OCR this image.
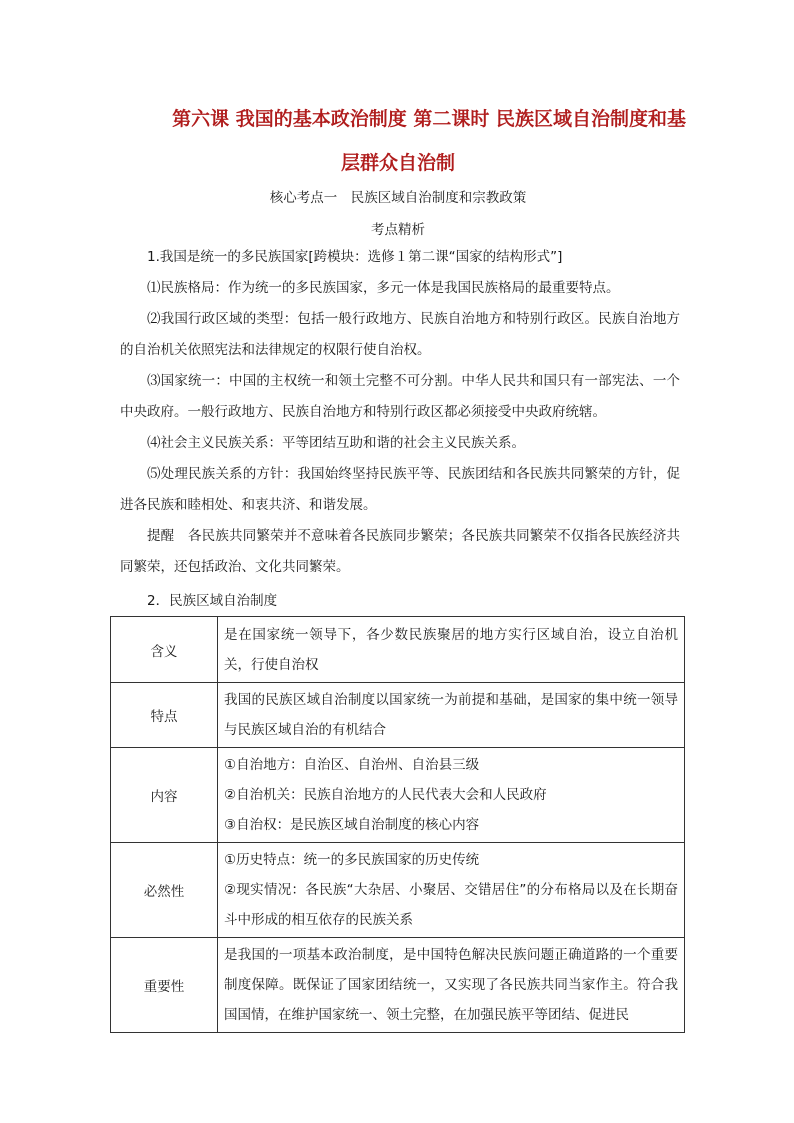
第六课 我国的基本政治制度 第二课时 民族区域自治制度和基
层群众自治制
核心考点一　民族区域自治制度和宗教政策
考点精析
1.我国是统一的多民族国家[跨模块：选修１第二课“国家的结构形式”]
⑴民族格局：作为统一的多民族国家，多元一体是我国民族格局的最重要特点。
⑵我国行政区域的类型：包括一般行政地方、民族自治地方和特别行政区。民族自治地方的自治机关依照宪法和法律规定的权限行使自治权。
⑶国家统一：中国的主权统一和领土完整不可分割。中华人民共和国只有一部宪法、一个中央政府。一般行政地方、民族自治地方和特别行政区都必须接受中央政府统辖。
⑷社会主义民族关系：平等团结互助和谐的社会主义民族关系。
⑸处理民族关系的方针：我国始终坚持民族平等、民族团结和各民族共同繁荣的方针，促进各民族和睦相处、和衷共济、和谐发展。
提醒　各民族共同繁荣并不意味着各民族同步繁荣；各民族共同繁荣不仅指各民族经济共同繁荣，还包括政治、文化共同繁荣。
2．民族区域自治制度
含义	是在国家统一领导下，各少数民族聚居的地方实行区域自治，设立自治机关，行使自治权

特点	我国的民族区域自治制度以国家统一为前提和基础，是国家的集中统一领导与民族区域自治的有机结合

内容	①自治地方：自治区、自治州、自治县三级
②自治机关：民族自治地方的人民代表大会和人民政府
③自治权：是民族区域自治制度的核心内容

必然性	①历史特点：统一的多民族国家的历史传统
②现实情况：各民族“大杂居、小聚居、交错居住”的分布格局以及在长期奋斗中形成的相互依存的民族关系

重要性	是我国的一项基本政治制度，是中国特色解决民族问题正确道路的一个重要制度保障。既保证了国家团结统一，又实现了各民族共同当家作主。符合我国国情，在维护国家统一、领土完整，在加强民族平等团结、促进民
